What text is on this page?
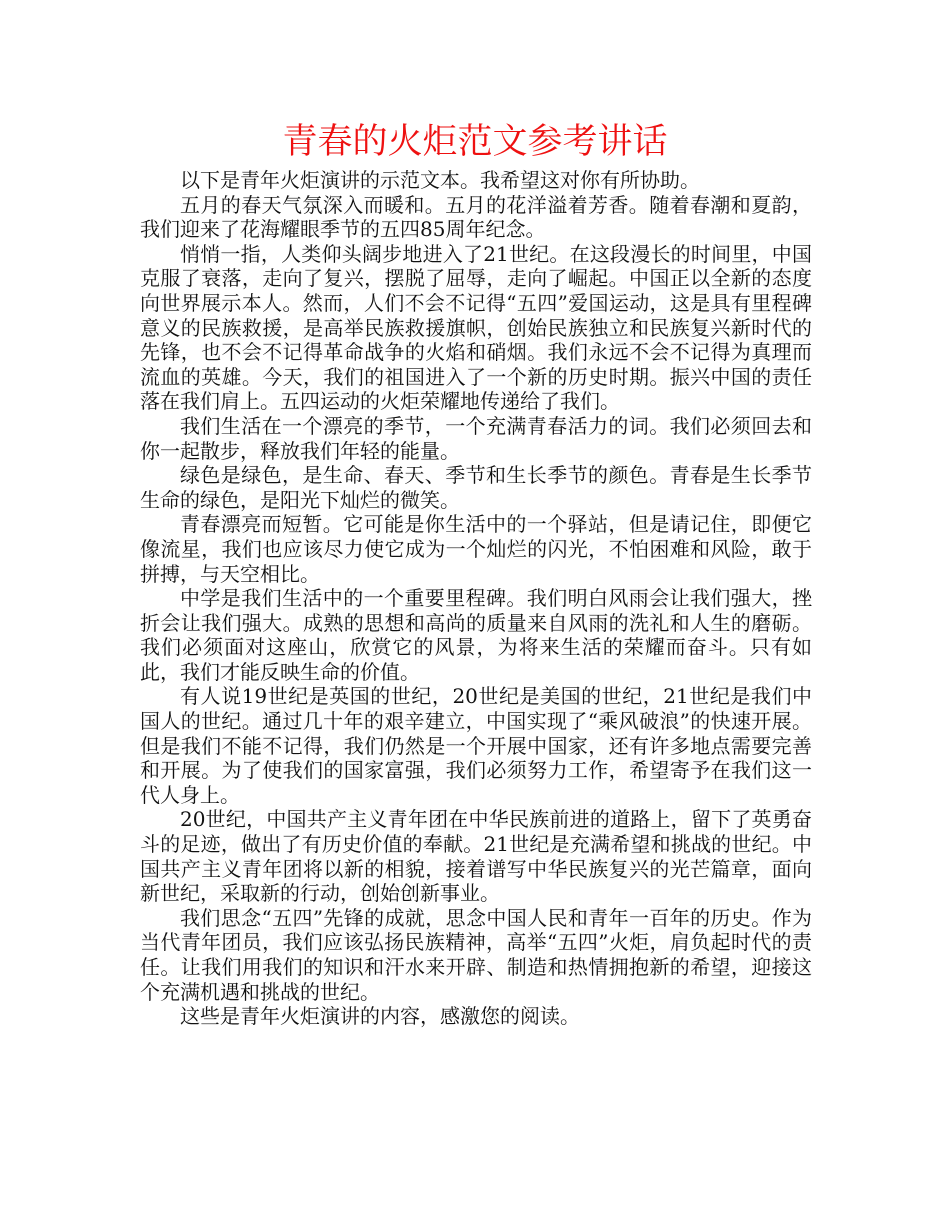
青春的火炬范文参考讲话

以下是青年火炬演讲的示范文本。我希望这对你有所协助。

五月的春天气氛深入而暖和。五月的花洋溢着芳香。随着春潮和夏韵，我们迎来了花海耀眼季节的五四85周年纪念。

悄悄一指，人类仰头阔步地进入了21世纪。在这段漫长的时间里，中国克服了衰落，走向了复兴，摆脱了屈辱，走向了崛起。中国正以全新的态度向世界展示本人。然而，人们不会不记得“五四”爱国运动，这是具有里程碑意义的民族救援，是高举民族救援旗帜，创始民族独立和民族复兴新时代的先锋，也不会不记得革命战争的火焰和硝烟。我们永远不会不记得为真理而流血的英雄。今天，我们的祖国进入了一个新的历史时期。振兴中国的责任落在我们肩上。五四运动的火炬荣耀地传递给了我们。

我们生活在一个漂亮的季节，一个充满青春活力的词。我们必须回去和你一起散步，释放我们年轻的能量。

绿色是绿色，是生命、春天、季节和生长季节的颜色。青春是生长季节生命的绿色，是阳光下灿烂的微笑。

青春漂亮而短暂。它可能是你生活中的一个驿站，但是请记住，即便它像流星，我们也应该尽力使它成为一个灿烂的闪光，不怕困难和风险，敢于拼搏，与天空相比。

中学是我们生活中的一个重要里程碑。我们明白风雨会让我们强大，挫折会让我们强大。成熟的思想和高尚的质量来自风雨的洗礼和人生的磨砺。我们必须面对这座山，欣赏它的风景，为将来生活的荣耀而奋斗。只有如此，我们才能反映生命的价值。

有人说19世纪是英国的世纪，20世纪是美国的世纪，21世纪是我们中国人的世纪。通过几十年的艰辛建立，中国实现了“乘风破浪”的快速开展。但是我们不能不记得，我们仍然是一个开展中国家，还有许多地点需要完善和开展。为了使我们的国家富强，我们必须努力工作，希望寄予在我们这一代人身上。

20世纪，中国共产主义青年团在中华民族前进的道路上，留下了英勇奋斗的足迹，做出了有历史价值的奉献。21世纪是充满希望和挑战的世纪。中国共产主义青年团将以新的相貌，接着谱写中华民族复兴的光芒篇章，面向新世纪，采取新的行动，创始创新事业。

我们思念“五四”先锋的成就，思念中国人民和青年一百年的历史。作为当代青年团员，我们应该弘扬民族精神，高举“五四”火炬，肩负起时代的责任。让我们用我们的知识和汗水来开辟、制造和热情拥抱新的希望，迎接这个充满机遇和挑战的世纪。

这些是青年火炬演讲的内容，感激您的阅读。
